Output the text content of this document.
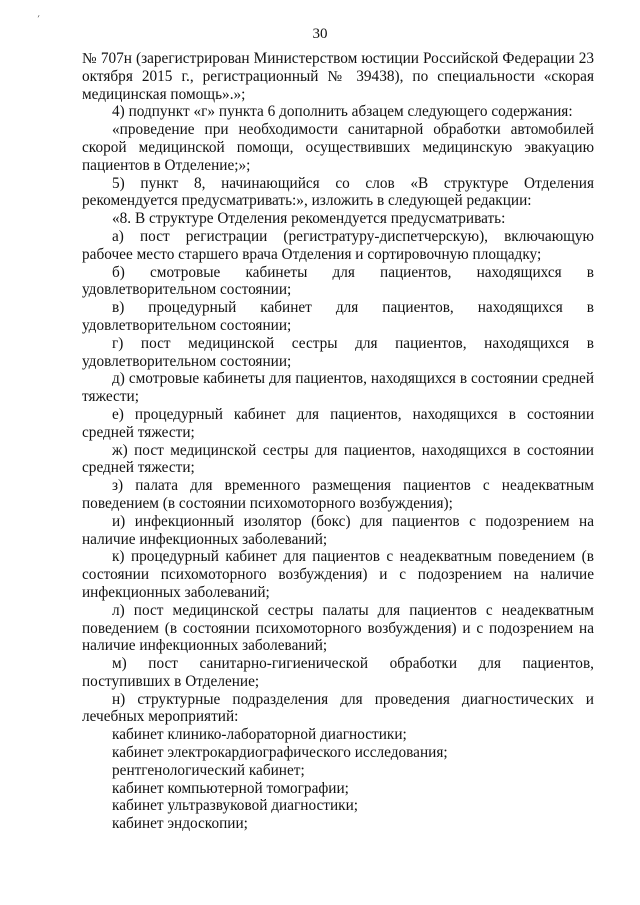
´
30

№ 707н (зарегистрирован Министерством юстиции Российской Федерации 23 октября 2015 г., регистрационный № 39438), по специальности «скорая медицинская помощь».»;

4) подпункт «г» пункта 6 дополнить абзацем следующего содержания:

«проведение при необходимости санитарной обработки автомобилей скорой медицинской помощи, осуществивших медицинскую эвакуацию пациентов в Отделение;»;

5) пункт 8, начинающийся со слов «В структуре Отделения рекомендуется предусматривать:», изложить в следующей редакции:

«8. В структуре Отделения рекомендуется предусматривать:

а) пост регистрации (регистратуру-диспетчерскую), включающую рабочее место старшего врача Отделения и сортировочную площадку;

б) смотровые кабинеты для пациентов, находящихся в удовлетворительном состоянии;

в) процедурный кабинет для пациентов, находящихся в удовлетворительном состоянии;

г) пост медицинской сестры для пациентов, находящихся в удовлетворительном состоянии;

д) смотровые кабинеты для пациентов, находящихся в состоянии средней тяжести;

е) процедурный кабинет для пациентов, находящихся в состоянии средней тяжести;

ж) пост медицинской сестры для пациентов, находящихся в состоянии средней тяжести;

з) палата для временного размещения пациентов с неадекватным поведением (в состоянии психомоторного возбуждения);

и) инфекционный изолятор (бокс) для пациентов с подозрением на наличие инфекционных заболеваний;

к) процедурный кабинет для пациентов с неадекватным поведением (в состоянии психомоторного возбуждения) и с подозрением на наличие инфекционных заболеваний;

л) пост медицинской сестры палаты для пациентов с неадекватным поведением (в состоянии психомоторного возбуждения) и с подозрением на наличие инфекционных заболеваний;

м) пост санитарно-гигиенической обработки для пациентов, поступивших в Отделение;

н) структурные подразделения для проведения диагностических и лечебных мероприятий:

кабинет клинико-лабораторной диагностики;

кабинет электрокардиографического исследования;

рентгенологический кабинет;

кабинет компьютерной томографии;

кабинет ультразвуковой диагностики;

кабинет эндоскопии;
